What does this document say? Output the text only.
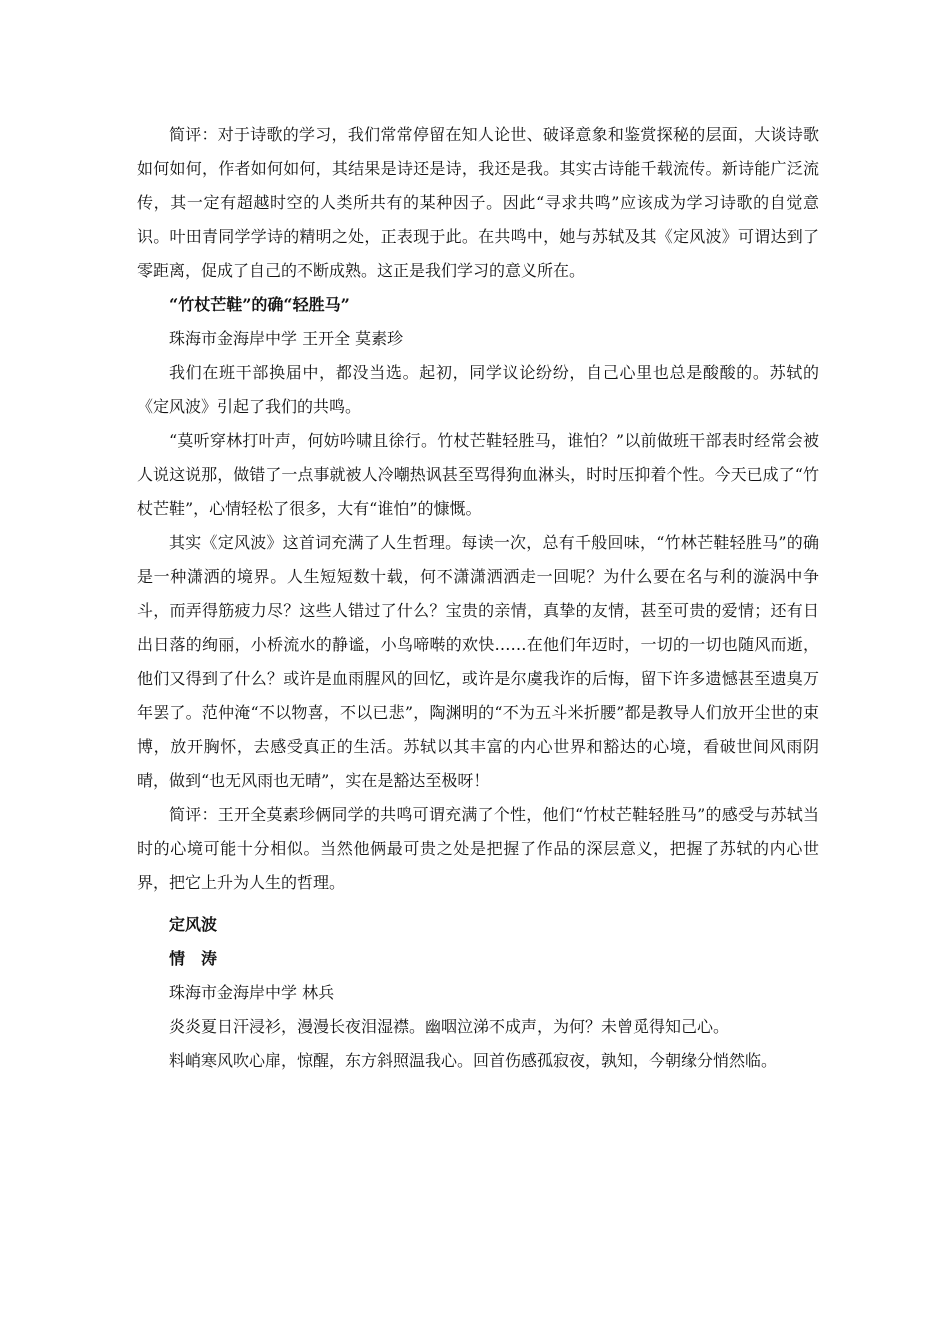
简评：对于诗歌的学习，我们常常停留在知人论世、破译意象和鉴赏探秘的层面，大谈诗歌如何如何，作者如何如何，其结果是诗还是诗，我还是我。其实古诗能千载流传。新诗能广泛流传，其一定有超越时空的人类所共有的某种因子。因此“寻求共鸣”应该成为学习诗歌的自觉意识。叶田青同学学诗的精明之处，正表现于此。在共鸣中，她与苏轼及其《定风波》可谓达到了零距离，促成了自己的不断成熟。这正是我们学习的意义所在。

“竹杖芒鞋”的确“轻胜马”

珠海市金海岸中学 王开全 莫素珍

我们在班干部换届中，都没当选。起初，同学议论纷纷，自己心里也总是酸酸的。苏轼的《定风波》引起了我们的共鸣。

“莫听穿林打叶声，何妨吟啸且徐行。竹杖芒鞋轻胜马，谁怕？”以前做班干部表时经常会被人说这说那，做错了一点事就被人冷嘲热讽甚至骂得狗血淋头，时时压抑着个性。今天已成了“竹杖芒鞋”，心情轻松了很多，大有“谁怕”的慷慨。

其实《定风波》这首词充满了人生哲理。每读一次，总有千般回味，“竹林芒鞋轻胜马”的确是一种潇洒的境界。人生短短数十载，何不潇潇洒洒走一回呢？为什么要在名与利的漩涡中争斗，而弄得筋疲力尽？这些人错过了什么？宝贵的亲情，真挚的友情，甚至可贵的爱情；还有日出日落的绚丽，小桥流水的静谧，小鸟啼啭的欢快……在他们年迈时，一切的一切也随风而逝，他们又得到了什么？或许是血雨腥风的回忆，或许是尔虞我诈的后悔，留下许多遗憾甚至遗臭万年罢了。范仲淹“不以物喜，不以已悲”，陶渊明的“不为五斗米折腰”都是教导人们放开尘世的束博，放开胸怀，去感受真正的生活。苏轼以其丰富的内心世界和豁达的心境，看破世间风雨阴晴，做到“也无风雨也无晴”，实在是豁达至极呀！

简评：王开全莫素珍俩同学的共鸣可谓充满了个性，他们“竹杖芒鞋轻胜马”的感受与苏轼当时的心境可能十分相似。当然他俩最可贵之处是把握了作品的深层意义，把握了苏轼的内心世界，把它上升为人生的哲理。

定风波

情　涛

珠海市金海岸中学 林兵

炎炎夏日汗浸衫，漫漫长夜泪湿襟。幽咽泣涕不成声，为何？未曾觅得知己心。

料峭寒风吹心扉，惊醒，东方斜照温我心。回首伤感孤寂夜，孰知，今朝缘分悄然临。
